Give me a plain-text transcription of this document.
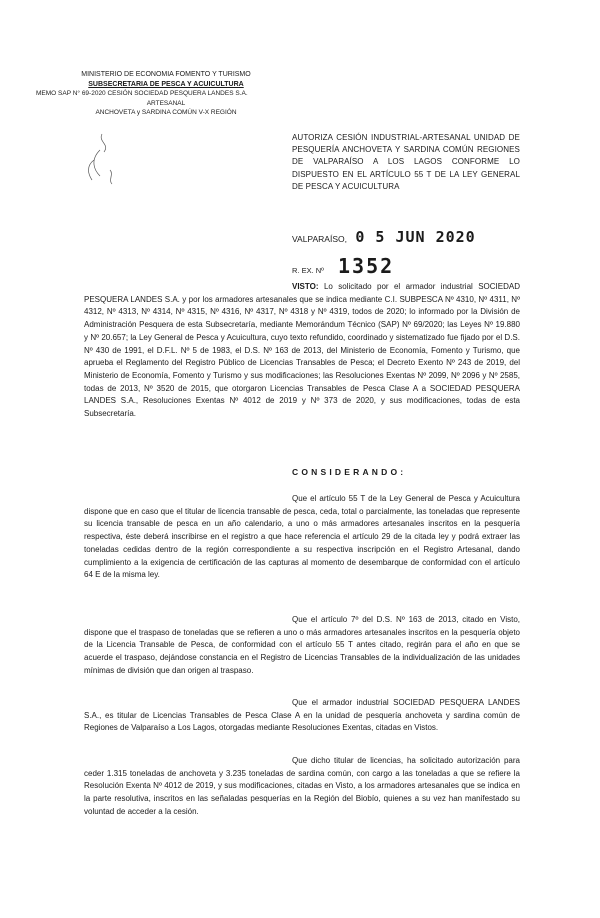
MINISTERIO DE ECONOMIA FOMENTO Y TURISMO
SUBSECRETARIA DE PESCA Y ACUICULTURA
MEMO SAP N° 69-2020 CESIÓN SOCIEDAD PESQUERA LANDES S.A.
ARTESANAL
ANCHOVETA y SARDINA COMÚN V-X REGIÓN
AUTORIZA CESIÓN INDUSTRIAL-ARTESANAL UNIDAD DE PESQUERÍA ANCHOVETA Y SARDINA COMÚN REGIONES DE VALPARAÍSO A LOS LAGOS CONFORME LO DISPUESTO EN EL ARTÍCULO 55 T DE LA LEY GENERAL DE PESCA Y ACUICULTURA
VALPARAÍSO, 0 5 JUN 2020
R. EX. Nº 1352
VISTO: Lo solicitado por el armador industrial SOCIEDAD PESQUERA LANDES S.A. y por los armadores artesanales que se indica mediante C.I. SUBPESCA Nº 4310, Nº 4311, Nº 4312, Nº 4313, Nº 4314, Nº 4315, Nº 4316, Nº 4317, Nº 4318 y Nº 4319, todos de 2020; lo informado por la División de Administración Pesquera de esta Subsecretaría, mediante Memorándum Técnico (SAP) Nº 69/2020; las Leyes Nº 19.880 y Nº 20.657; la Ley General de Pesca y Acuicultura, cuyo texto refundido, coordinado y sistematizado fue fijado por el D.S. Nº 430 de 1991, el D.F.L. Nº 5 de 1983, el D.S. Nº 163 de 2013, del Ministerio de Economía, Fomento y Turismo, que aprueba el Reglamento del Registro Público de Licencias Transables de Pesca; el Decreto Exento Nº 243 de 2019, del Ministerio de Economía, Fomento y Turismo y sus modificaciones; las Resoluciones Exentas Nº 2099, Nº 2096 y Nº 2585, todas de 2013, Nº 3520 de 2015, que otorgaron Licencias Transables de Pesca Clase A a SOCIEDAD PESQUERA LANDES S.A., Resoluciones Exentas Nº 4012 de 2019 y Nº 373 de 2020, y sus modificaciones, todas de esta Subsecretaría.
CONSIDERANDO:
Que el artículo 55 T de la Ley General de Pesca y Acuicultura dispone que en caso que el titular de licencia transable de pesca, ceda, total o parcialmente, las toneladas que represente su licencia transable de pesca en un año calendario, a uno o más armadores artesanales inscritos en la pesquería respectiva, éste deberá inscribirse en el registro a que hace referencia el artículo 29 de la citada ley y podrá extraer las toneladas cedidas dentro de la región correspondiente a su respectiva inscripción en el Registro Artesanal, dando cumplimiento a la exigencia de certificación de las capturas al momento de desembarque de conformidad con el artículo 64 E de la misma ley.
Que el artículo 7º del D.S. Nº 163 de 2013, citado en Visto, dispone que el traspaso de toneladas que se refieren a uno o más armadores artesanales inscritos en la pesquería objeto de la Licencia Transable de Pesca, de conformidad con el artículo 55 T antes citado, regirán para el año en que se acuerde el traspaso, dejándose constancia en el Registro de Licencias Transables de la individualización de las unidades mínimas de división que dan origen al traspaso.
Que el armador industrial SOCIEDAD PESQUERA LANDES S.A., es titular de Licencias Transables de Pesca Clase A en la unidad de pesquería anchoveta y sardina común de Regiones de Valparaíso a Los Lagos, otorgadas mediante Resoluciones Exentas, citadas en Vistos.
Que dicho titular de licencias, ha solicitado autorización para ceder 1.315 toneladas de anchoveta y 3.235 toneladas de sardina común, con cargo a las toneladas a que se refiere la Resolución Exenta Nº 4012 de 2019, y sus modificaciones, citadas en Visto, a los armadores artesanales que se indica en la parte resolutiva, inscritos en las señaladas pesquerías en la Región del Biobío, quienes a su vez han manifestado su voluntad de acceder a la cesión.
